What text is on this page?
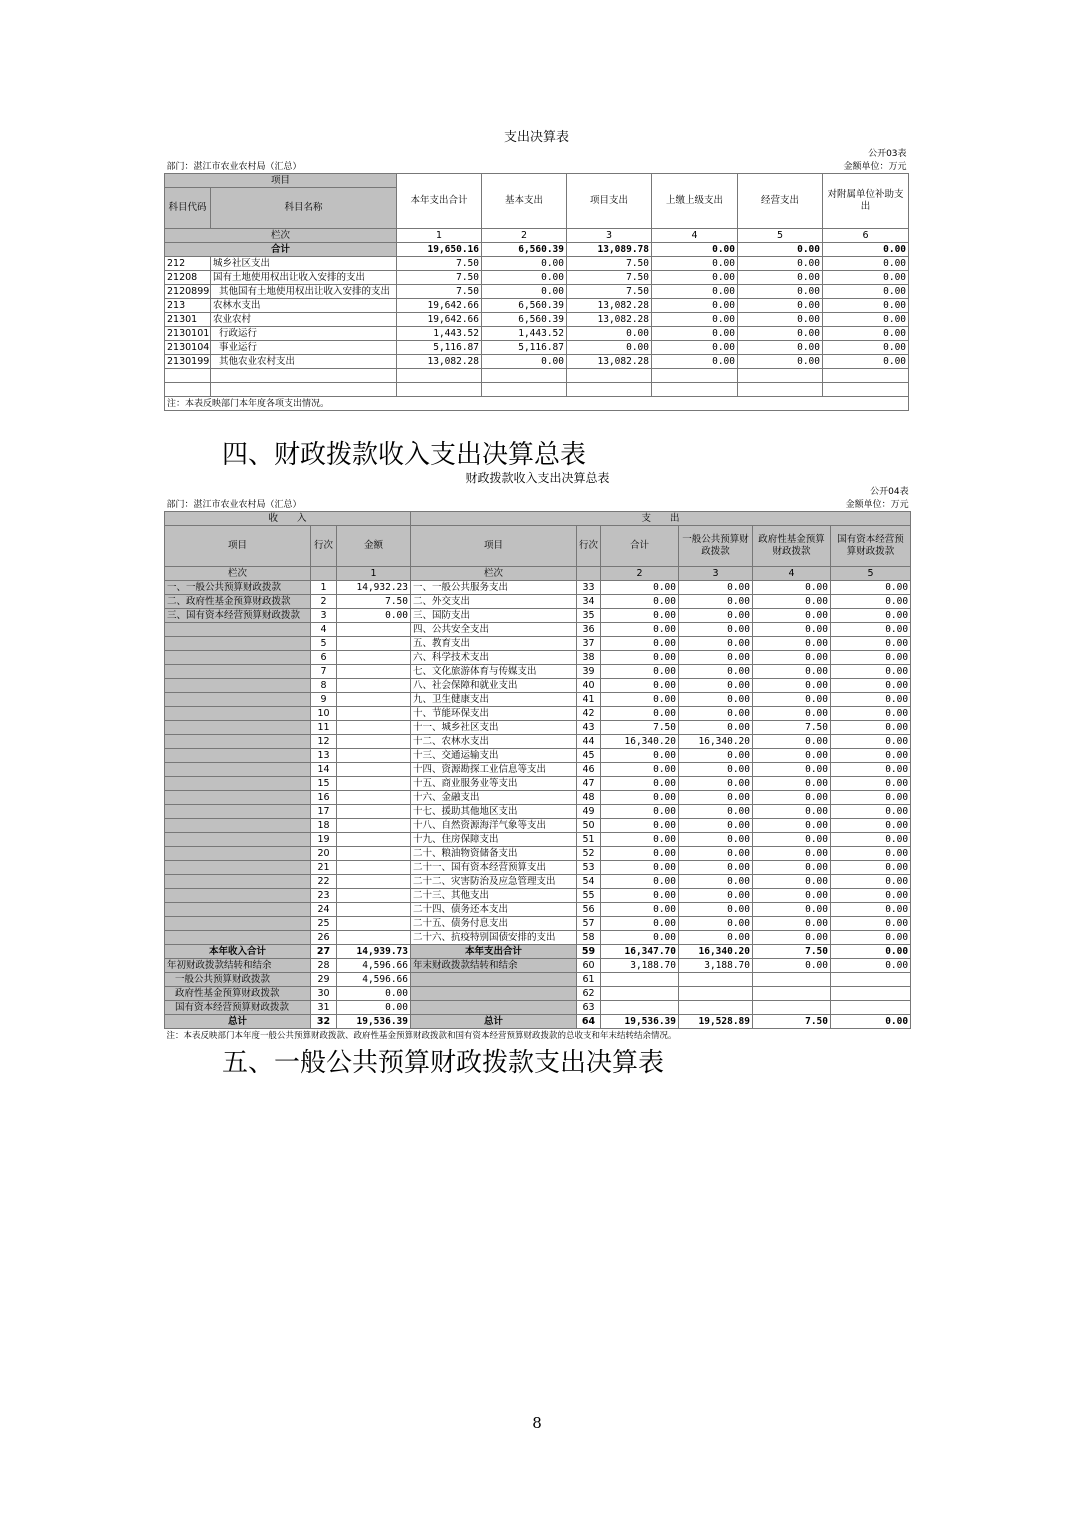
支出决算表							
公开03表							
部门：湛江市农业农村局（汇总）				金额单位：万元			
项目		本年支出合计	基本支出	项目支出	上缴上级支出	经营支出	对附属单位补助支出
科目代码	科目名称						

栏次		1	2	3	4	5	6
合计		19,650.16	6,560.39	13,089.78	0.00	0.00	0.00
212	城乡社区支出	7.50	0.00	7.50	0.00	0.00	0.00
21208	国有土地使用权出让收入安排的支出	7.50	0.00	7.50	0.00	0.00	0.00
2120899	其他国有土地使用权出让收入安排的支出	7.50	0.00	7.50	0.00	0.00	0.00
213	农林水支出	19,642.66	6,560.39	13,082.28	0.00	0.00	0.00
21301	农业农村	19,642.66	6,560.39	13,082.28	0.00	0.00	0.00
2130101	行政运行	1,443.52	1,443.52	0.00	0.00	0.00	0.00
2130104	事业运行	5,116.87	5,116.87	0.00	0.00	0.00	0.00
2130199	其他农业农村支出	13,082.28	0.00	13,082.28	0.00	0.00	0.00

注：本表反映部门本年度各项支出情况。							
四、财政拨款收入支出决算总表
财政拨款收入支出决算总表								
公开04表								
部门：湛江市农业农村局（汇总）				金额单位：万元				
收　　入			支　　出					
项目	行次	金额	项目	行次	合计	一般公共预算财政拨款	政府性基金预算财政拨款	国有资本经营预算财政拨款
栏次		1	栏次		2	3	4	5
一、一般公共预算财政拨款	1	14,932.23	一、一般公共服务支出	33	0.00	0.00	0.00	0.00
二、政府性基金预算财政拨款	2	7.50	二、外交支出	34	0.00	0.00	0.00	0.00
三、国有资本经营预算财政拨款	3	0.00	三、国防支出	35	0.00	0.00	0.00	0.00
	4		四、公共安全支出	36	0.00	0.00	0.00	0.00
	5		五、教育支出	37	0.00	0.00	0.00	0.00
	6		六、科学技术支出	38	0.00	0.00	0.00	0.00
	7		七、文化旅游体育与传媒支出	39	0.00	0.00	0.00	0.00
	8		八、社会保障和就业支出	40	0.00	0.00	0.00	0.00
	9		九、卫生健康支出	41	0.00	0.00	0.00	0.00
	10		十、节能环保支出	42	0.00	0.00	0.00	0.00
	11		十一、城乡社区支出	43	7.50	0.00	7.50	0.00
	12		十二、农林水支出	44	16,340.20	16,340.20	0.00	0.00
	13		十三、交通运输支出	45	0.00	0.00	0.00	0.00
	14		十四、资源勘探工业信息等支出	46	0.00	0.00	0.00	0.00
	15		十五、商业服务业等支出	47	0.00	0.00	0.00	0.00
	16		十六、金融支出	48	0.00	0.00	0.00	0.00
	17		十七、援助其他地区支出	49	0.00	0.00	0.00	0.00
	18		十八、自然资源海洋气象等支出	50	0.00	0.00	0.00	0.00
	19		十九、住房保障支出	51	0.00	0.00	0.00	0.00
	20		二十、粮油物资储备支出	52	0.00	0.00	0.00	0.00
	21		二十一、国有资本经营预算支出	53	0.00	0.00	0.00	0.00
	22		二十二、灾害防治及应急管理支出	54	0.00	0.00	0.00	0.00
	23		二十三、其他支出	55	0.00	0.00	0.00	0.00
	24		二十四、债务还本支出	56	0.00	0.00	0.00	0.00
	25		二十五、债务付息支出	57	0.00	0.00	0.00	0.00
	26		二十六、抗疫特别国债安排的支出	58	0.00	0.00	0.00	0.00
本年收入合计	27	14,939.73	本年支出合计	59	16,347.70	16,340.20	7.50	0.00
年初财政拨款结转和结余	28	4,596.66	年末财政拨款结转和结余	60	3,188.70	3,188.70	0.00	0.00
一般公共预算财政拨款	29	4,596.66		61				
政府性基金预算财政拨款	30	0.00		62				
国有资本经营预算财政拨款	31	0.00		63				
总计	32	19,536.39	总计	64	19,536.39	19,528.89	7.50	0.00
注：本表反映部门本年度一般公共预算财政拨款、政府性基金预算财政拨款和国有资本经营预算财政拨款的总收支和年末结转结余情况。								
五、一般公共预算财政拨款支出决算表
8
